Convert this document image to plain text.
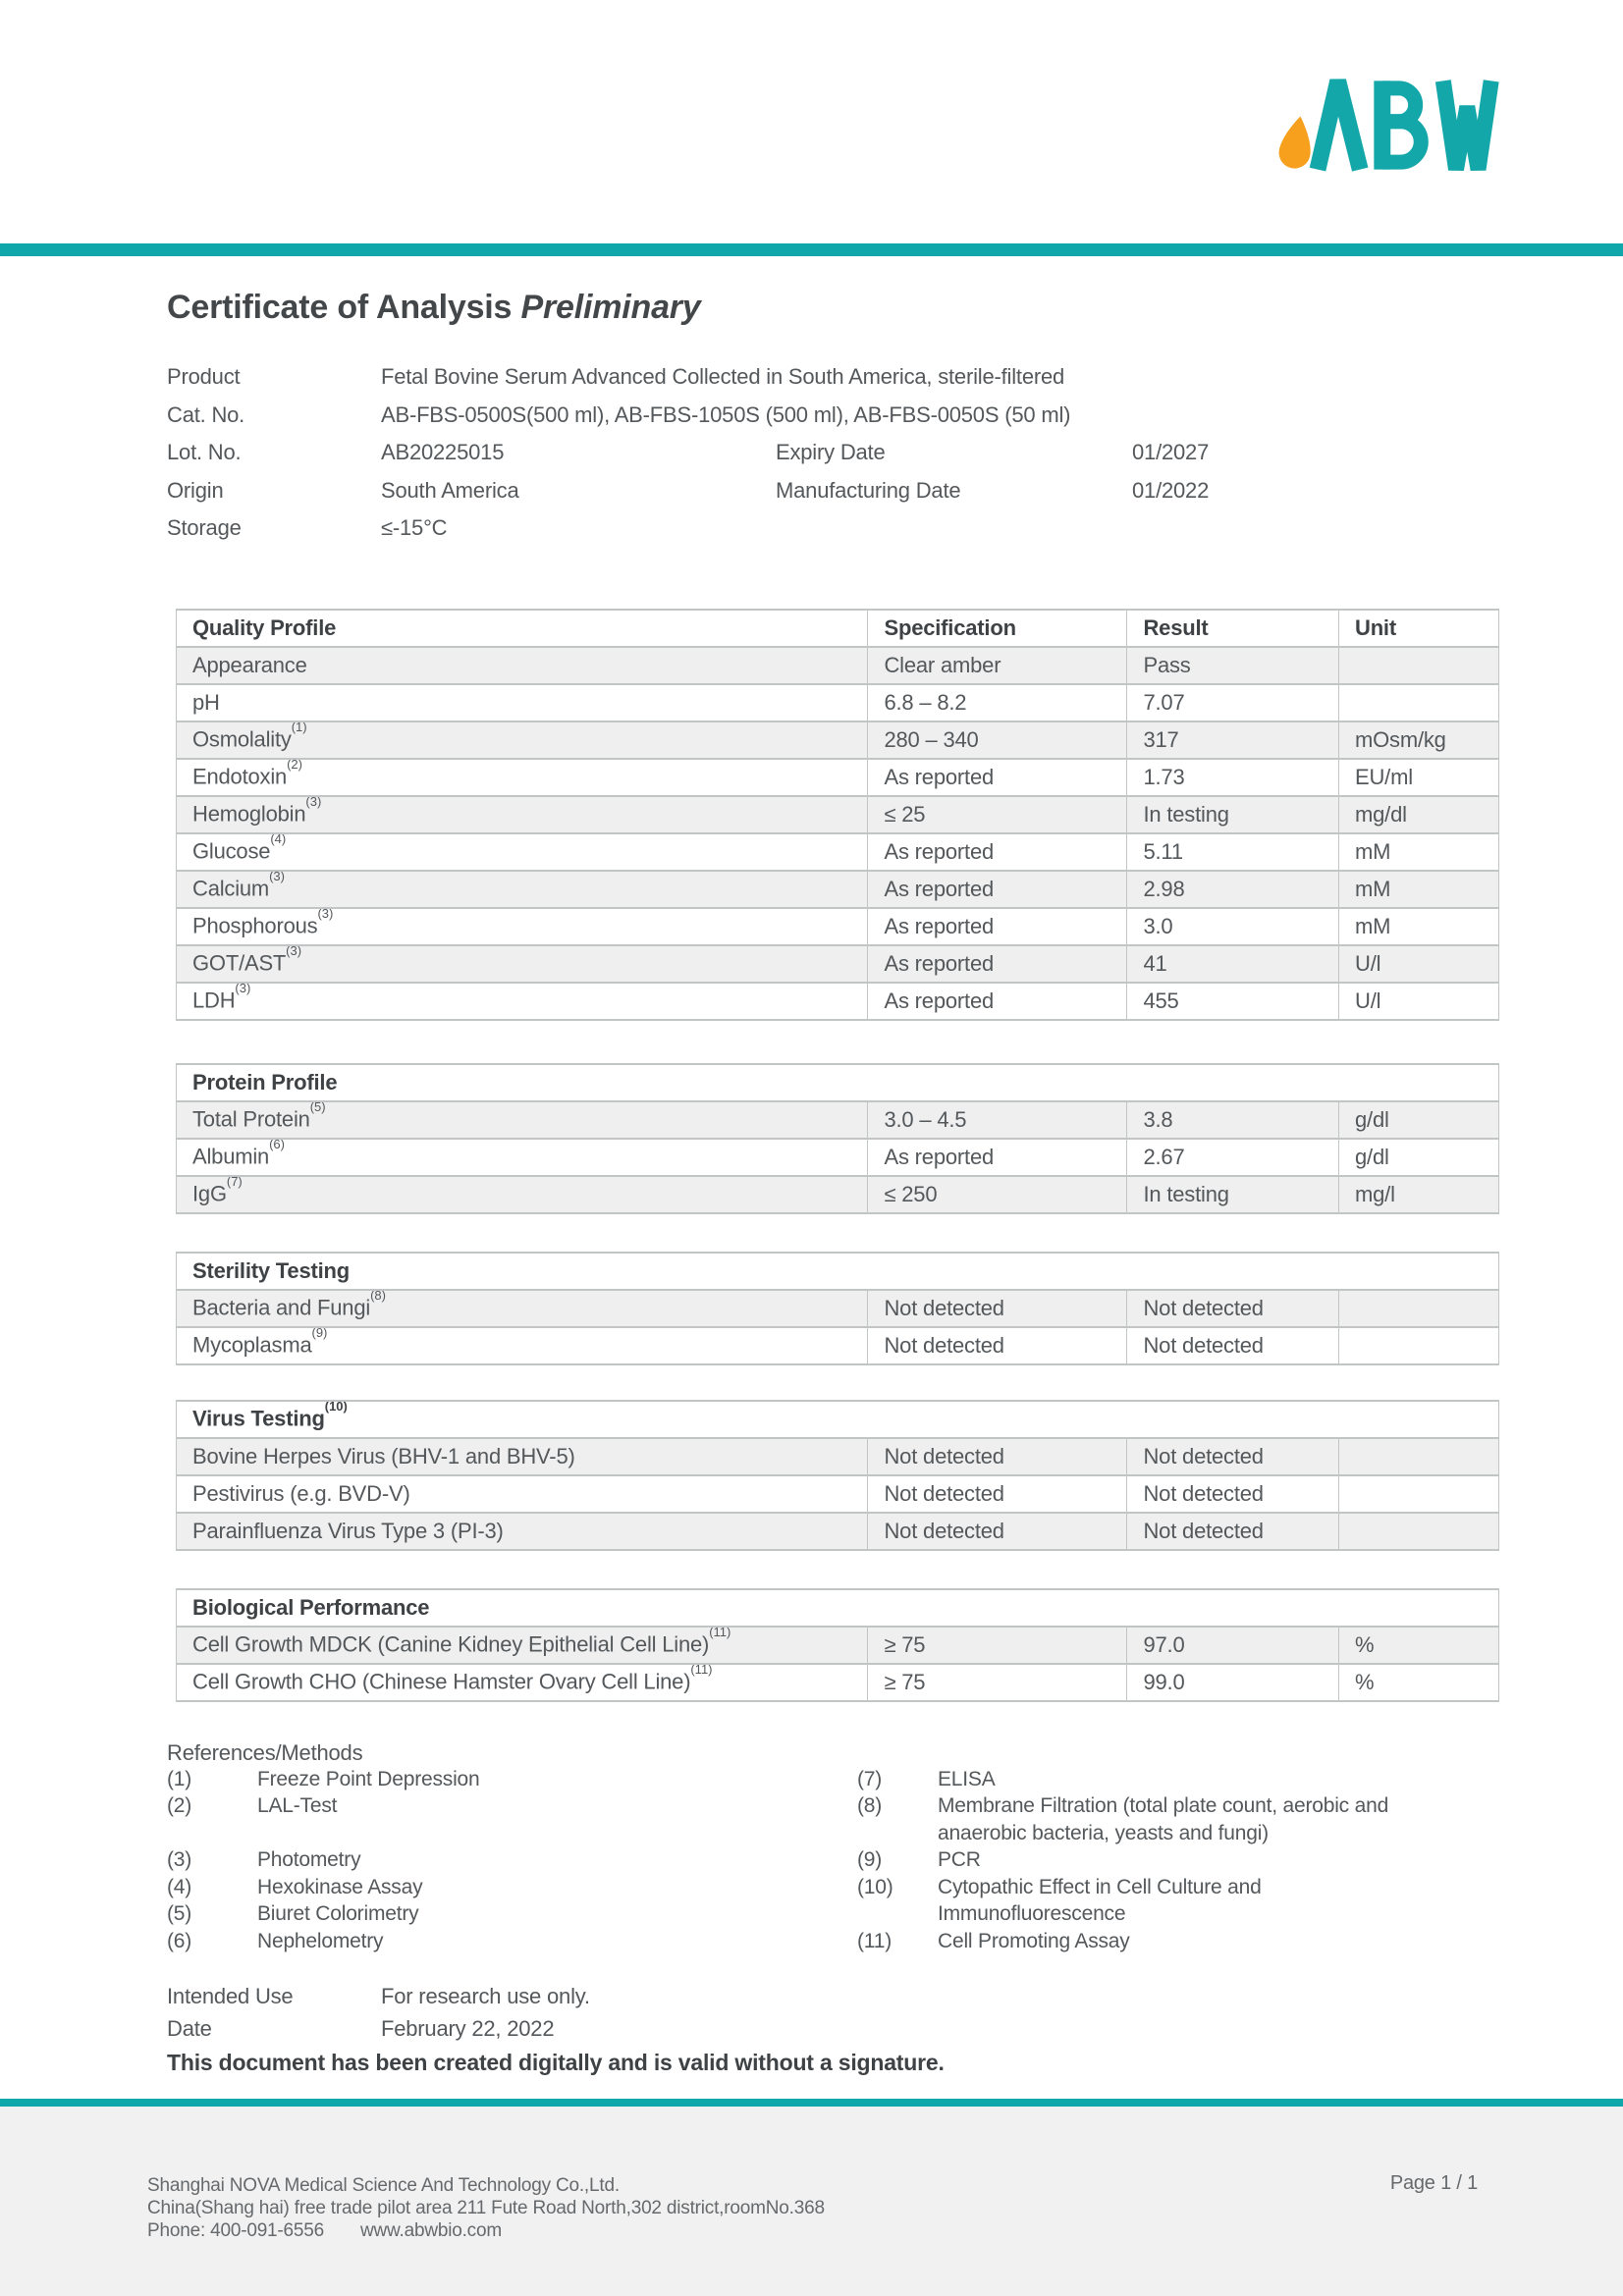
Certificate of Analysis Preliminary
Product	Fetal Bovine Serum Advanced Collected in South America, sterile-filtered
Cat. No.	AB-FBS-0500S(500 ml), AB-FBS-1050S (500 ml), AB-FBS-0050S (50 ml)
Lot. No.	AB20225015	Expiry Date	01/2027
Origin	South America	Manufacturing Date	01/2022
Storage	≤-15°C
Quality Profile	Specification	Result	Unit
Appearance	Clear amber	Pass	
pH	6.8 – 8.2	7.07	
Osmolality$^{(1)}$	280 – 340	317	mOsm/kg
Endotoxin$^{(2)}$	As reported	1.73	EU/ml
Hemoglobin$^{(3)}$	≤ 25	In testing	mg/dl
Glucose$^{(4)}$	As reported	5.11	mM
Calcium$^{(3)}$	As reported	2.98	mM
Phosphorous$^{(3)}$	As reported	3.0	mM
GOT/AST$^{(3)}$	As reported	41	U/l
LDH$^{(3)}$	As reported	455	U/l
Protein Profile			
Total Protein$^{(5)}$	3.0 – 4.5	3.8	g/dl
Albumin$^{(6)}$	As reported	2.67	g/dl
IgG$^{(7)}$	≤ 250	In testing	mg/l
Sterility Testing			
Bacteria and Fungi$^{(8)}$	Not detected	Not detected	
Mycoplasma$^{(9)}$	Not detected	Not detected	
Virus Testing$^{(10)}$
Bovine Herpes Virus (BHV-1 and BHV-5)	Not detected	Not detected	
Pestivirus (e.g. BVD-V)	Not detected	Not detected	
Parainfluenza Virus Type 3 (PI-3)	Not detected	Not detected	
Biological Performance			
Cell Growth MDCK (Canine Kidney Epithelial Cell Line)$^{(11)}$	≥ 75	97.0	%
Cell Growth CHO (Chinese Hamster Ovary Cell Line)$^{(11)}$	≥ 75	99.0	%
References/Methods
(1)	Freeze Point Depression
(2)	LAL-Test
(3)	Photometry
(4)	Hexokinase Assay
(5)	Biuret Colorimetry
(6)	Nephelometry
(7)	ELISA
(8)	Membrane Filtration (total plate count, aerobic and anaerobic bacteria, yeasts and fungi)
(9)	PCR
(10)	Cytopathic Effect in Cell Culture and Immunofluorescence
(11)	Cell Promoting Assay
Intended Use	For research use only.
Date	February 22, 2022
This document has been created digitally and is valid without a signature.
Shanghai NOVA Medical Science And Technology Co.,Ltd.
China(Shang hai) free trade pilot area 211 Fute Road North,302 district,roomNo.368
Phone: 400-091-6556 www.abwbio.com
Page 1 / 1
